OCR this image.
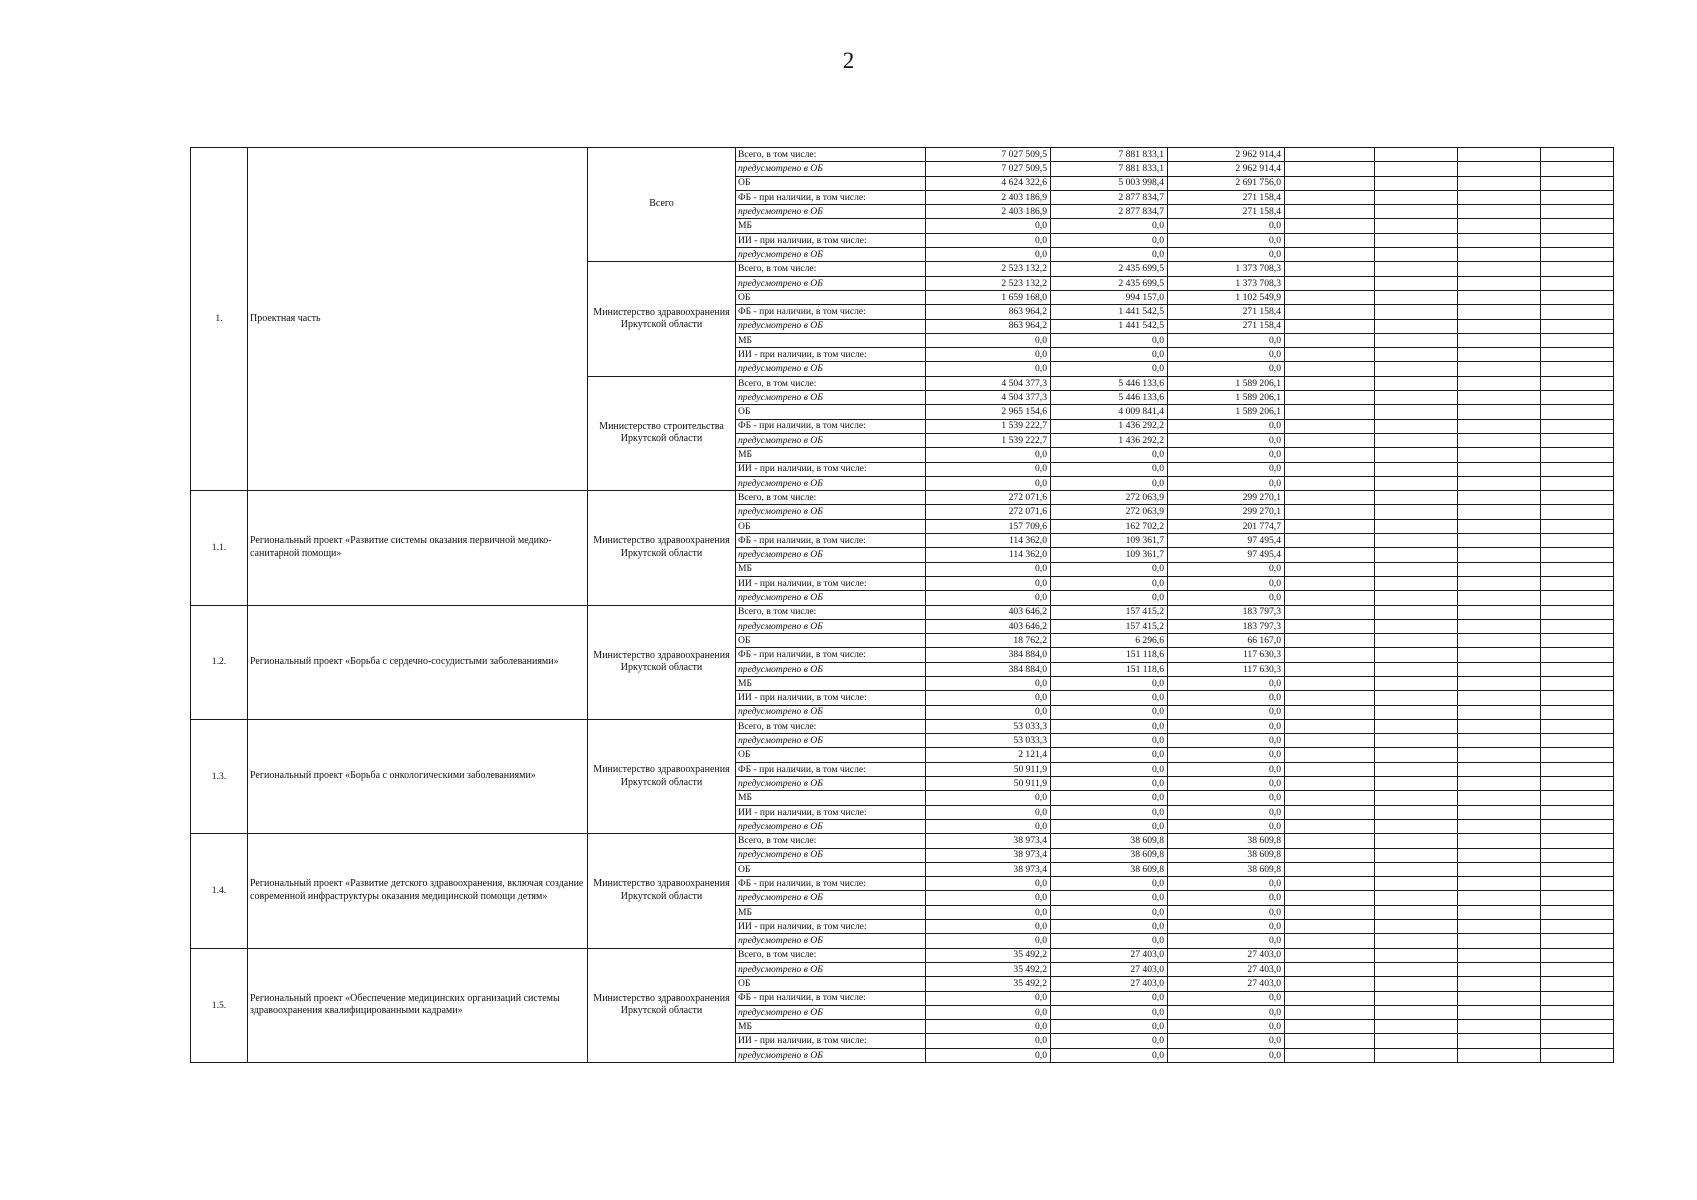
2
1.	Проектная часть	Всего	Всего, в том числе:	7 027 509,5	7 881 833,1	2 962 914,4				
			предусмотрено в ОБ	7 027 509,5	7 881 833,1	2 962 914,4				
			ОБ	4 624 322,6	5 003 998,4	2 691 756,0				
			ФБ - при наличии, в том числе:	2 403 186,9	2 877 834,7	271 158,4				
			предусмотрено в ОБ	2 403 186,9	2 877 834,7	271 158,4				
			МБ	0,0	0,0	0,0				
			ИИ - при наличии, в том числе:	0,0	0,0	0,0				
			предусмотрено в ОБ	0,0	0,0	0,0				
		Министерство здравоохранения Иркутской области	Всего, в том числе:	2 523 132,2	2 435 699,5	1 373 708,3				
			предусмотрено в ОБ	2 523 132,2	2 435 699,5	1 373 708,3				
			ОБ	1 659 168,0	994 157,0	1 102 549,9				
			ФБ - при наличии, в том числе:	863 964,2	1 441 542,5	271 158,4				
			предусмотрено в ОБ	863 964,2	1 441 542,5	271 158,4				
			МБ	0,0	0,0	0,0				
			ИИ - при наличии, в том числе:	0,0	0,0	0,0				
			предусмотрено в ОБ	0,0	0,0	0,0				
		Министерство строительства Иркутской области	Всего, в том числе:	4 504 377,3	5 446 133,6	1 589 206,1				
			предусмотрено в ОБ	4 504 377,3	5 446 133,6	1 589 206,1				
			ОБ	2 965 154,6	4 009 841,4	1 589 206,1				
			ФБ - при наличии, в том числе:	1 539 222,7	1 436 292,2	0,0				
			предусмотрено в ОБ	1 539 222,7	1 436 292,2	0,0				
			МБ	0,0	0,0	0,0				
			ИИ - при наличии, в том числе:	0,0	0,0	0,0				
			предусмотрено в ОБ	0,0	0,0	0,0				
1.1.	Региональный проект «Развитие системы оказания первичной медико-санитарной помощи»	Министерство здравоохранения Иркутской области	Всего, в том числе:	272 071,6	272 063,9	299 270,1				
			предусмотрено в ОБ	272 071,6	272 063,9	299 270,1				
			ОБ	157 709,6	162 702,2	201 774,7				
			ФБ - при наличии, в том числе:	114 362,0	109 361,7	97 495,4				
			предусмотрено в ОБ	114 362,0	109 361,7	97 495,4				
			МБ	0,0	0,0	0,0				
			ИИ - при наличии, в том числе:	0,0	0,0	0,0				
			предусмотрено в ОБ	0,0	0,0	0,0				
1.2.	Региональный проект «Борьба с сердечно-сосудистыми заболеваниями»	Министерство здравоохранения Иркутской области	Всего, в том числе:	403 646,2	157 415,2	183 797,3				
			предусмотрено в ОБ	403 646,2	157 415,2	183 797,3				
			ОБ	18 762,2	6 296,6	66 167,0				
			ФБ - при наличии, в том числе:	384 884,0	151 118,6	117 630,3				
			предусмотрено в ОБ	384 884,0	151 118,6	117 630,3				
			МБ	0,0	0,0	0,0				
			ИИ - при наличии, в том числе:	0,0	0,0	0,0				
			предусмотрено в ОБ	0,0	0,0	0,0				
1.3.	Региональный проект «Борьба с онкологическими заболеваниями»	Министерство здравоохранения Иркутской области	Всего, в том числе:	53 033,3	0,0	0,0				
			предусмотрено в ОБ	53 033,3	0,0	0,0				
			ОБ	2 121,4	0,0	0,0				
			ФБ - при наличии, в том числе:	50 911,9	0,0	0,0				
			предусмотрено в ОБ	50 911,9	0,0	0,0				
			МБ	0,0	0,0	0,0				
			ИИ - при наличии, в том числе:	0,0	0,0	0,0				
			предусмотрено в ОБ	0,0	0,0	0,0				
1.4.	Региональный проект «Развитие детского здравоохранения, включая создание современной инфраструктуры оказания медицинской помощи детям»	Министерство здравоохранения Иркутской области	Всего, в том числе:	38 973,4	38 609,8	38 609,8				
			предусмотрено в ОБ	38 973,4	38 609,8	38 609,8				
			ОБ	38 973,4	38 609,8	38 609,8				
			ФБ - при наличии, в том числе:	0,0	0,0	0,0				
			предусмотрено в ОБ	0,0	0,0	0,0				
			МБ	0,0	0,0	0,0				
			ИИ - при наличии, в том числе:	0,0	0,0	0,0				
			предусмотрено в ОБ	0,0	0,0	0,0				
1.5.	Региональный проект «Обеспечение медицинских организаций системы здравоохранения квалифицированными кадрами»	Министерство здравоохранения Иркутской области	Всего, в том числе:	35 492,2	27 403,0	27 403,0				
			предусмотрено в ОБ	35 492,2	27 403,0	27 403,0				
			ОБ	35 492,2	27 403,0	27 403,0				
			ФБ - при наличии, в том числе:	0,0	0,0	0,0				
			предусмотрено в ОБ	0,0	0,0	0,0				
			МБ	0,0	0,0	0,0				
			ИИ - при наличии, в том числе:	0,0	0,0	0,0				
			предусмотрено в ОБ	0,0	0,0	0,0				
